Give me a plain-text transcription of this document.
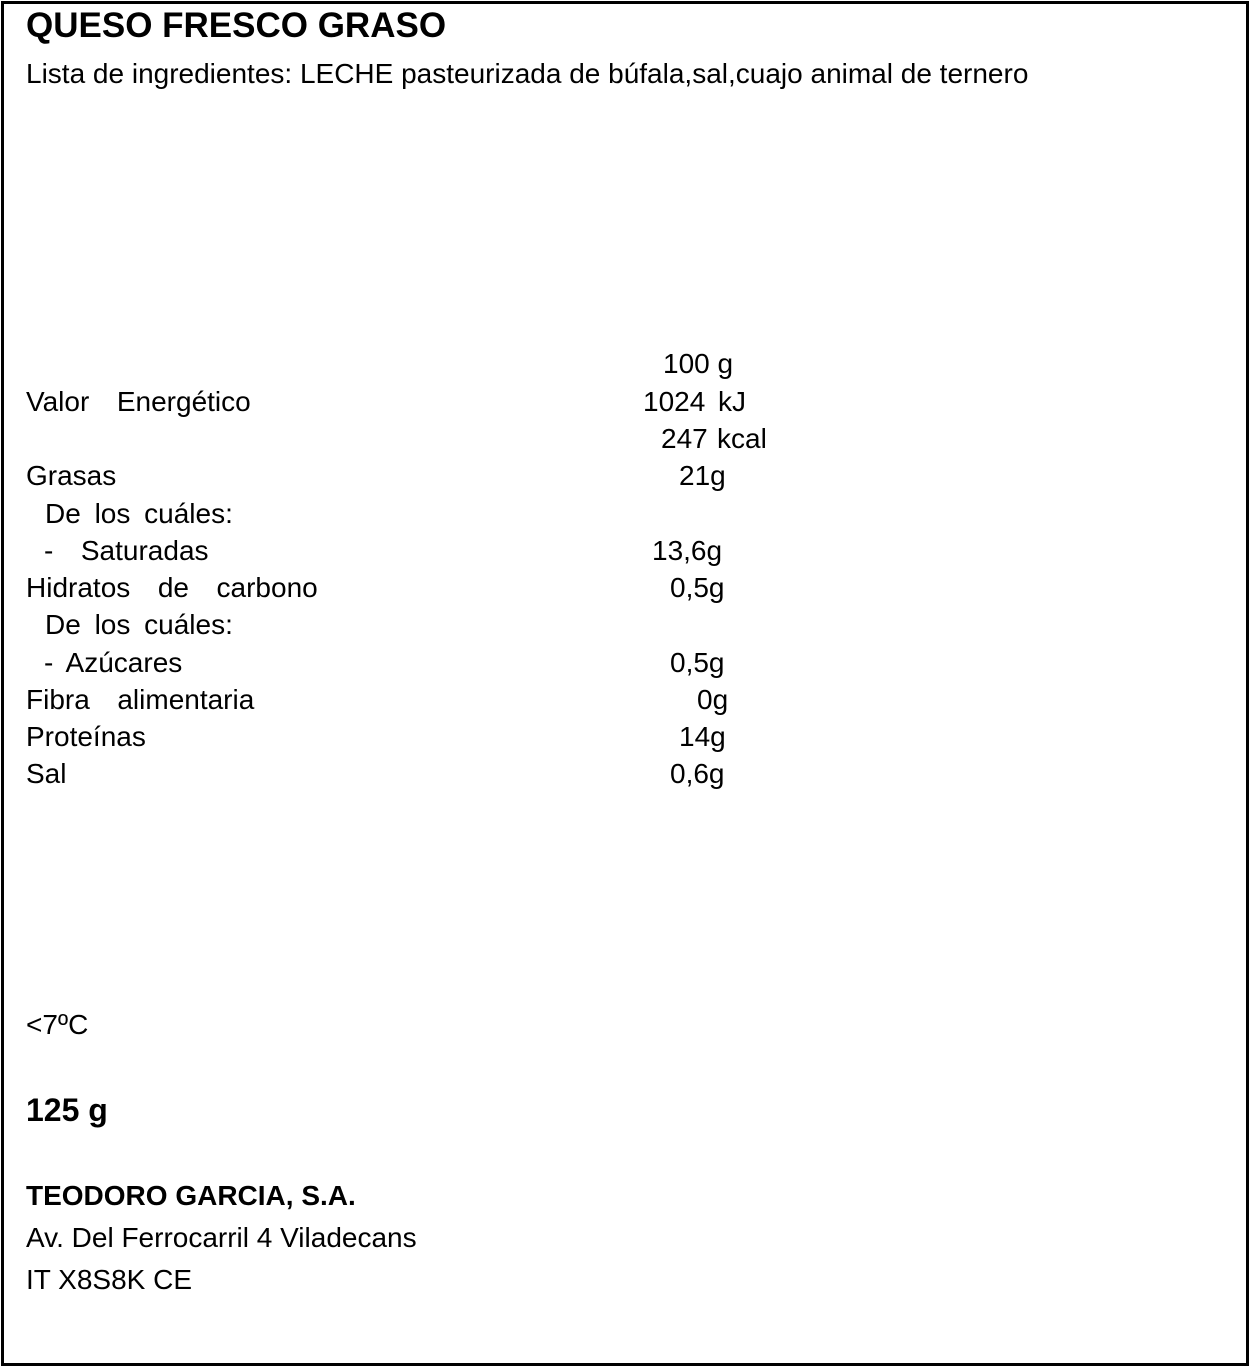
QUESO FRESCO GRASO
Lista de ingredientes: LECHE pasteurizada de búfala,sal,cuajo animal de ternero
100 g
Valor  Energético	1024 kJ
247 kcal
Grasas	21g
De los cuáles:
-  Saturadas	13,6g
Hidratos  de  carbono	0,5g
De los cuáles:
- Azúcares	0,5g
Fibra  alimentaria	0g
Proteínas	14g
Sal	0,6g
<7ºC
125 g
TEODORO GARCIA, S.A.
Av. Del Ferrocarril 4 Viladecans
IT X8S8K CE
